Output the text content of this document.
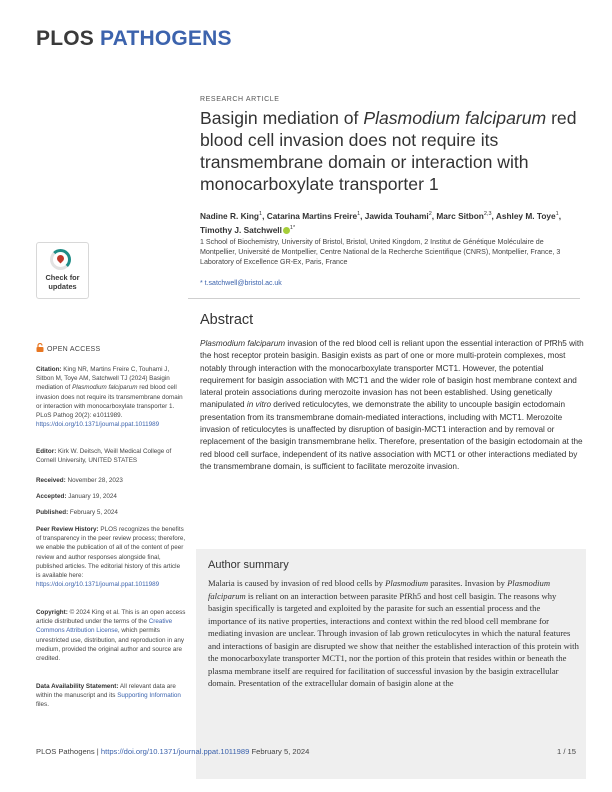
PLOS PATHOGENS
RESEARCH ARTICLE
Basigin mediation of Plasmodium falciparum red blood cell invasion does not require its transmembrane domain or interaction with monocarboxylate transporter 1
Nadine R. King$^1$, Catarina Martins Freire$^1$, Jawida Touhami$^2$, Marc Sitbon$^{2,3}$, Ashley M. Toye$^1$, Timothy J. Satchwell $^{1*}$
1 School of Biochemistry, University of Bristol, Bristol, United Kingdom, 2 Institut de Génétique Moléculaire de Montpellier, Université de Montpellier, Centre National de la Recherche Scientifique (CNRS), Montpellier, France, 3 Laboratory of Excellence GR-Ex, Paris, France
* t.satchwell@bristol.ac.uk
Abstract
Plasmodium falciparum invasion of the red blood cell is reliant upon the essential interaction of PfRh5 with the host receptor protein basigin. Basigin exists as part of one or more multi-protein complexes, most notably through interaction with the monocarboxylate transporter MCT1. However, the potential requirement for basigin association with MCT1 and the wider role of basigin host membrane context and lateral protein associations during merozoite invasion has not been established. Using genetically manipulated in vitro derived reticulocytes, we demonstrate the ability to uncouple basigin ectodomain presentation from its transmembrane domain-mediated interactions, including with MCT1. Merozoite invasion of reticulocytes is unaffected by disruption of basigin-MCT1 interaction and by removal or replacement of the basigin transmembrane helix. Therefore, presentation of the basigin ectodomain at the red blood cell surface, independent of its native association with MCT1 or other interactions mediated by the transmembrane domain, is sufficient to facilitate merozoite invasion.
Author summary
Malaria is caused by invasion of red blood cells by Plasmodium parasites. Invasion by Plasmodium falciparum is reliant on an interaction between parasite PfRh5 and host cell basigin. The reasons why basigin specifically is targeted and exploited by the parasite for such an essential process and the importance of its native properties, interactions and context within the red blood cell membrane for mediating invasion are unclear. Through invasion of lab grown reticulocytes in which the natural features and interactions of basigin are disrupted we show that neither the established interaction of this protein with the monocarboxylate transporter MCT1, nor the portion of this protein that resides within or beneath the plasma membrane itself are required for facilitation of successful invasion by the basigin extracellular domain. Presentation of the extracellular domain of basigin alone at the
Check for
updates
OPEN ACCESS
Citation: King NR, Martins Freire C, Touhami J, Sitbon M, Toye AM, Satchwell TJ (2024) Basigin mediation of Plasmodium falciparum red blood cell invasion does not require its transmembrane domain or interaction with monocarboxylate transporter 1. PLoS Pathog 20(2): e1011989. https://doi.org/10.1371/journal.ppat.1011989
Editor: Kirk W. Deitsch, Weill Medical College of Cornell University, UNITED STATES
Received: November 28, 2023
Accepted: January 19, 2024
Published: February 5, 2024
Peer Review History: PLOS recognizes the benefits of transparency in the peer review process; therefore, we enable the publication of all of the content of peer review and author responses alongside final, published articles. The editorial history of this article is available here: https://doi.org/10.1371/journal.ppat.1011989
Copyright: © 2024 King et al. This is an open access article distributed under the terms of the Creative Commons Attribution License, which permits unrestricted use, distribution, and reproduction in any medium, provided the original author and source are credited.
Data Availability Statement: All relevant data are within the manuscript and its Supporting Information files.
PLOS Pathogens | https://doi.org/10.1371/journal.ppat.1011989 February 5, 2024	1 / 15
